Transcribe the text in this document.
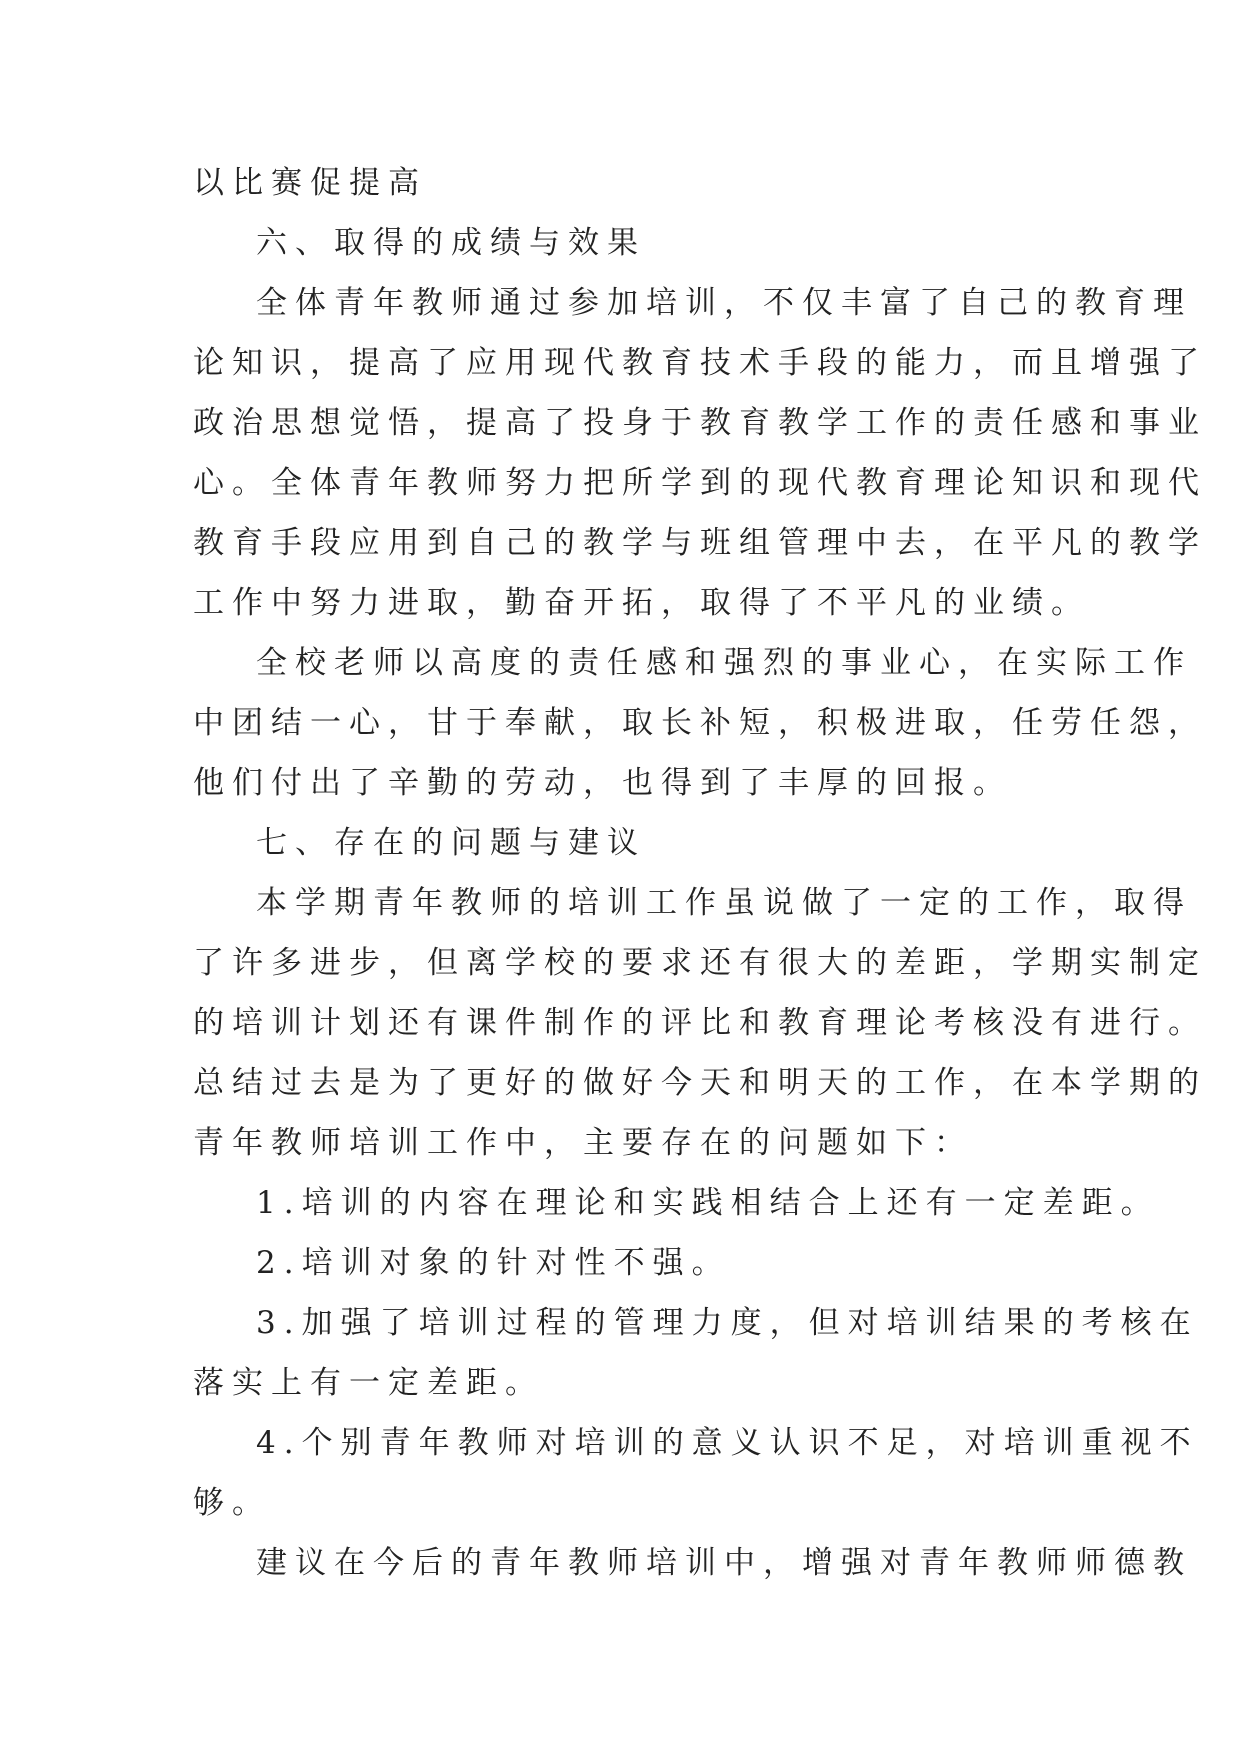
以比赛促提高

六、取得的成绩与效果

全体青年教师通过参加培训，不仅丰富了自己的教育理

论知识，提高了应用现代教育技术手段的能力，而且增强了

政治思想觉悟，提高了投身于教育教学工作的责任感和事业

心。全体青年教师努力把所学到的现代教育理论知识和现代

教育手段应用到自己的教学与班组管理中去，在平凡的教学

工作中努力进取，勤奋开拓，取得了不平凡的业绩。

全校老师以高度的责任感和强烈的事业心，在实际工作

中团结一心，甘于奉献，取长补短，积极进取，任劳任怨，

他们付出了辛勤的劳动，也得到了丰厚的回报。

七、存在的问题与建议

本学期青年教师的培训工作虽说做了一定的工作，取得

了许多进步，但离学校的要求还有很大的差距，学期实制定

的培训计划还有课件制作的评比和教育理论考核没有进行。

总结过去是为了更好的做好今天和明天的工作，在本学期的

青年教师培训工作中，主要存在的问题如下：

1.培训的内容在理论和实践相结合上还有一定差距。

2.培训对象的针对性不强。

3.加强了培训过程的管理力度，但对培训结果的考核在

落实上有一定差距。

4.个别青年教师对培训的意义认识不足，对培训重视不

够。

建议在今后的青年教师培训中，增强对青年教师师德教
